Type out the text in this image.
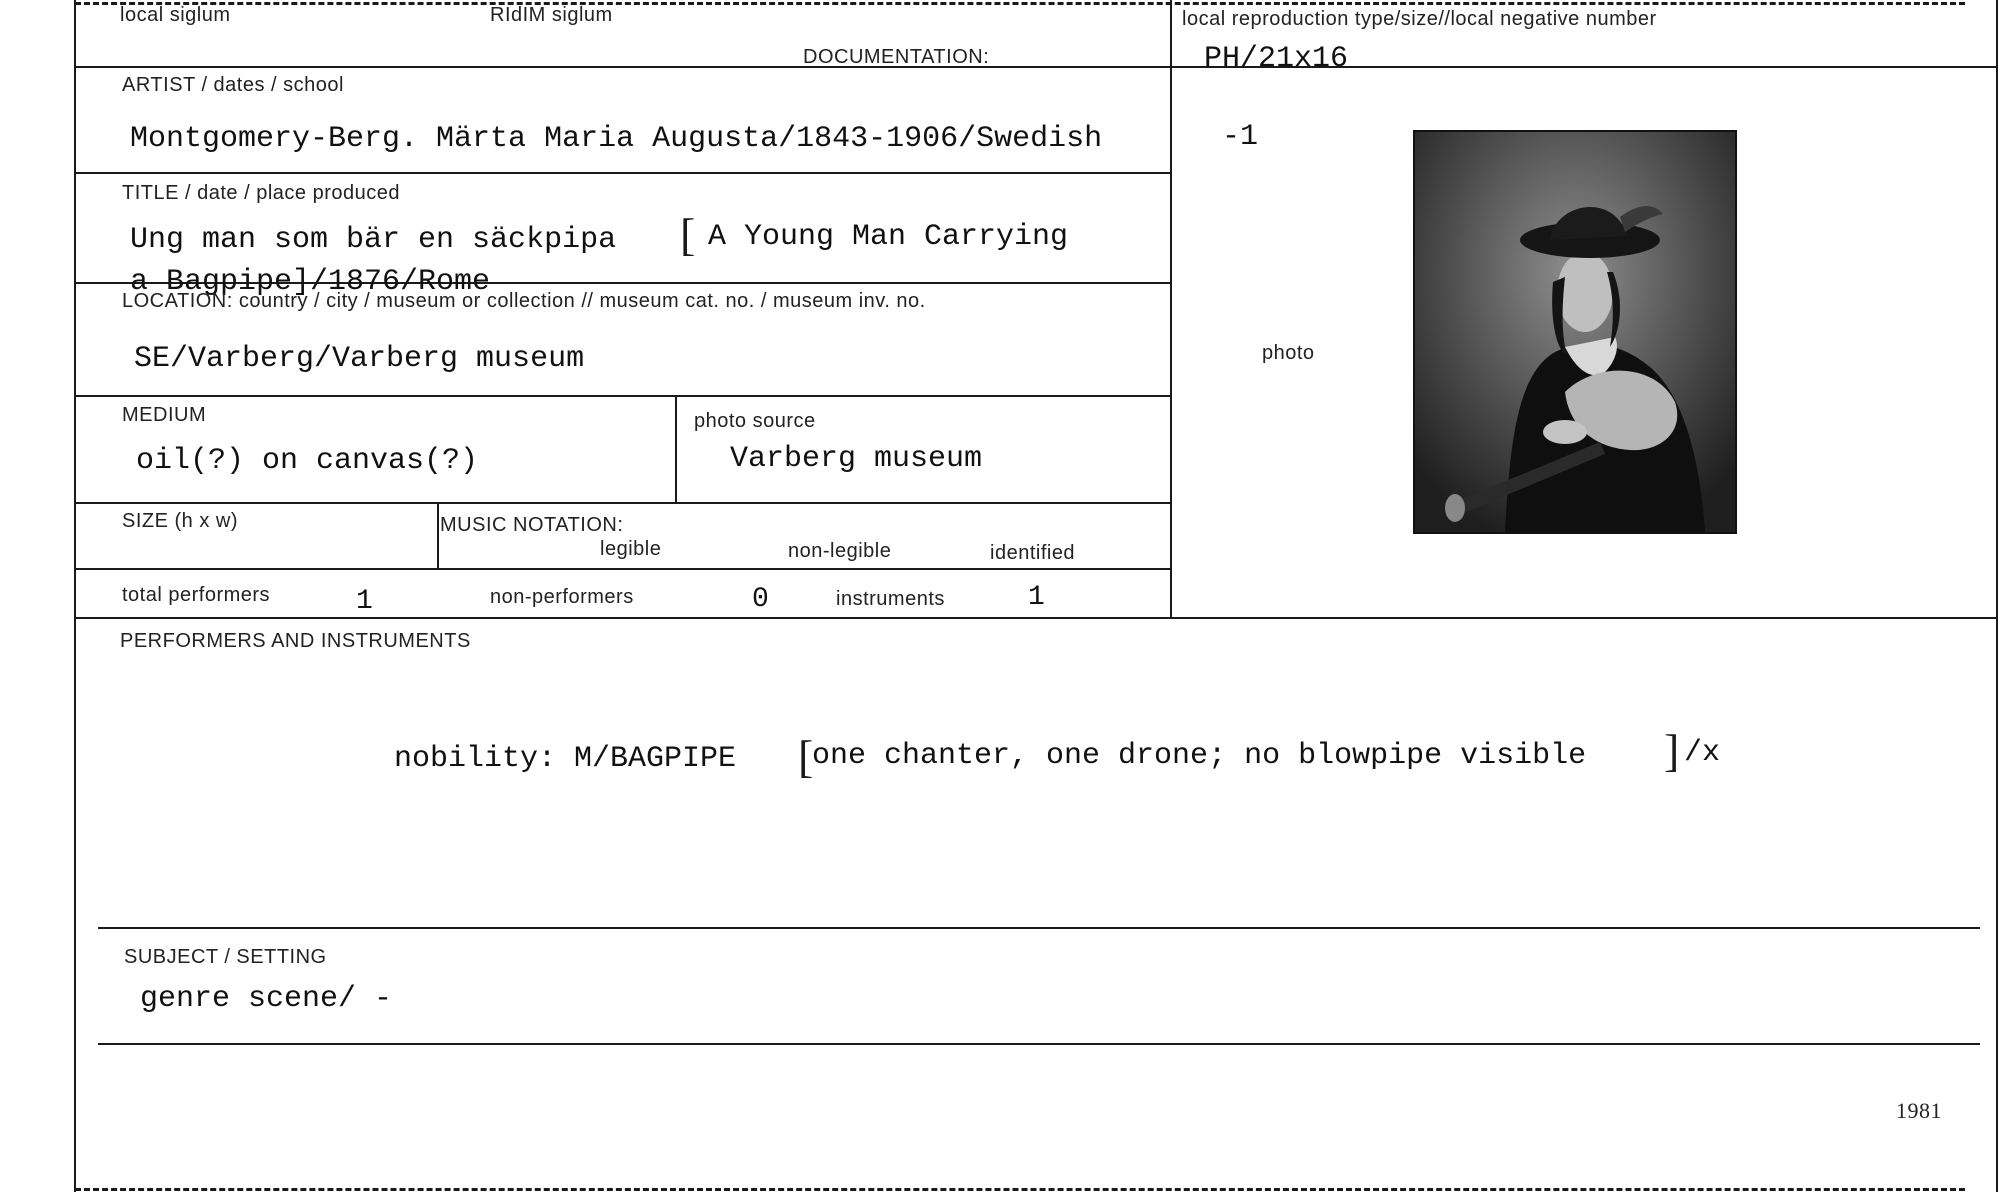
local siglum	RIdIM siglum
DOCUMENTATION:
local reproduction type/size//local negative number
PH/21x16
ARTIST / dates / school
Montgomery-Berg. Märta Maria Augusta/1843-1906/Swedish	-1
TITLE / date / place produced
Ung man som bär en säckpipa [ A Young Man Carrying
a Bagpipe]/1876/Rome
LOCATION: country / city / museum or collection // museum cat. no. / museum inv. no.
SE/Varberg/Varberg museum	photo
MEDIUM
oil(?) on canvas(?)
photo source
Varberg museum
SIZE (h x w)	MUSIC NOTATION:
legible	non-legible	identified
total performers	1	non-performers	0	instruments	1
PERFORMERS AND INSTRUMENTS
nobility: M/BAGPIPE [
one chanter, one drone; no blowpipe visible ] /x
SUBJECT / SETTING
genre scene/ -
1981
